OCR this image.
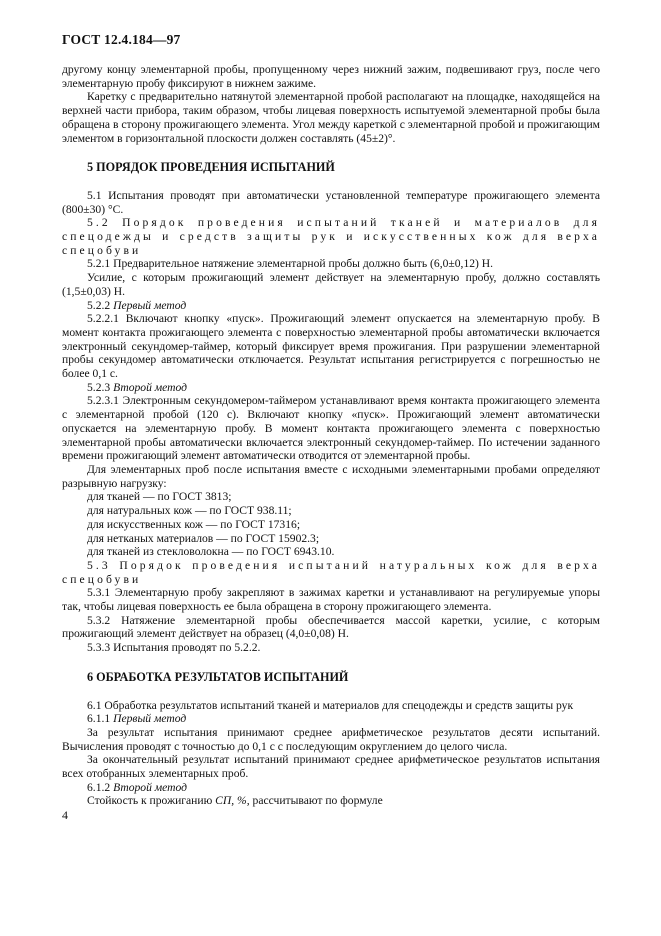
ГОСТ 12.4.184—97

другому концу элементарной пробы, пропущенному через нижний зажим, подвешивают груз, после чего элементарную пробу фиксируют в нижнем зажиме.

Каретку с предварительно натянутой элементарной пробой располагают на площадке, находящейся на верхней части прибора, таким образом, чтобы лицевая поверхность испытуемой элементарной пробы была обращена в сторону прожигающего элемента. Угол между кареткой с элементарной пробой и прожигающим элементом в горизонтальной плоскости должен составлять (45±2)°.

5 ПОРЯДОК ПРОВЕДЕНИЯ ИСПЫТАНИЙ

5.1 Испытания проводят при автоматически установленной температуре прожигающего элемента (800±30) °С.

5.2 Порядок проведения испытаний тканей и материалов для спецодежды и средств защиты рук и искусственных кож для верха спецобуви

5.2.1 Предварительное натяжение элементарной пробы должно быть (6,0±0,12) Н.

Усилие, с которым прожигающий элемент действует на элементарную пробу, должно составлять (1,5±0,03) Н.

5.2.2 Первый метод

5.2.2.1 Включают кнопку «пуск». Прожигающий элемент опускается на элементарную пробу. В момент контакта прожигающего элемента с поверхностью элементарной пробы автоматически включается электронный секундомер-таймер, который фиксирует время прожигания. При разрушении элементарной пробы секундомер автоматически отключается. Результат испытания регистрируется с погрешностью не более 0,1 с.

5.2.3 Второй метод

5.2.3.1 Электронным секундомером-таймером устанавливают время контакта прожигающего элемента с элементарной пробой (120 с). Включают кнопку «пуск». Прожигающий элемент автоматически опускается на элементарную пробу. В момент контакта прожигающего элемента с поверхностью элементарной пробы автоматически включается электронный секундомер-таймер. По истечении заданного времени прожигающий элемент автоматически отводится от элементарной пробы.

Для элементарных проб после испытания вместе с исходными элементарными пробами определяют разрывную нагрузку:

для тканей — по ГОСТ 3813;
для натуральных кож — по ГОСТ 938.11;
для искусственных кож — по ГОСТ 17316;
для нетканых материалов — по ГОСТ 15902.3;
для тканей из стекловолокна — по ГОСТ 6943.10.

5.3 Порядок проведения испытаний натуральных кож для верха спецобуви

5.3.1 Элементарную пробу закрепляют в зажимах каретки и устанавливают на регулируемые упоры так, чтобы лицевая поверхность ее была обращена в сторону прожигающего элемента.

5.3.2 Натяжение элементарной пробы обеспечивается массой каретки, усилие, с которым прожигающий элемент действует на образец (4,0±0,08) Н.

5.3.3 Испытания проводят по 5.2.2.

6 ОБРАБОТКА РЕЗУЛЬТАТОВ ИСПЫТАНИЙ

6.1 Обработка результатов испытаний тканей и материалов для спецодежды и средств защиты рук

6.1.1 Первый метод

За результат испытания принимают среднее арифметическое результатов десяти испытаний. Вычисления проводят с точностью до 0,1 с с последующим округлением до целого числа.

За окончательный результат испытаний принимают среднее арифметическое результатов испытания всех отобранных элементарных проб.

6.1.2 Второй метод

Стойкость к прожиганию СП, %, рассчитывают по формуле

4
